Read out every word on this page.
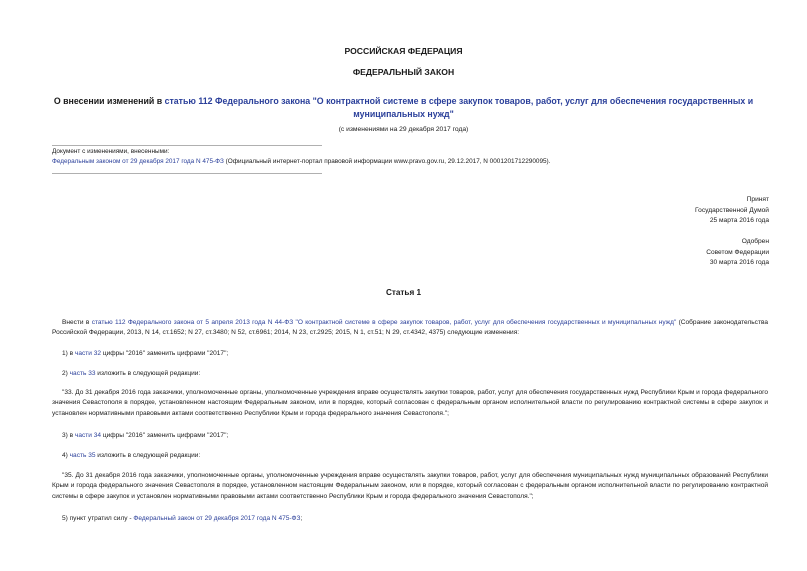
РОССИЙСКАЯ ФЕДЕРАЦИЯ
ФЕДЕРАЛЬНЫЙ ЗАКОН
О внесении изменений в статью 112 Федерального закона "О контрактной системе в сфере закупок товаров, работ, услуг для обеспечения государственных и муниципальных нужд"
(с изменениями на 29 декабря 2017 года)
Документ с изменениями, внесенными:
Федеральным законом от 29 декабря 2017 года N 475-ФЗ (Официальный интернет-портал правовой информации www.pravo.gov.ru, 29.12.2017, N 0001201712290095).
Принят
Государственной Думой
25 марта 2016 года
Одобрен
Советом Федерации
30 марта 2016 года
Статья 1
Внести в статью 112 Федерального закона от 5 апреля 2013 года N 44-ФЗ "О контрактной системе в сфере закупок товаров, работ, услуг для обеспечения государственных и муниципальных нужд" (Собрание законодательства Российской Федерации, 2013, N 14, ст.1652; N 27, ст.3480; N 52, ст.6961; 2014, N 23, ст.2925; 2015, N 1, ст.51; N 29, ст.4342, 4375) следующие изменения:
1) в части 32 цифры "2016" заменить цифрами "2017";
2) часть 33 изложить в следующей редакции:
"33. До 31 декабря 2016 года заказчики, уполномоченные органы, уполномоченные учреждения вправе осуществлять закупки товаров, работ, услуг для обеспечения государственных нужд Республики Крым и города федерального значения Севастополя в порядке, установленном настоящим Федеральным законом, или в порядке, который согласован с федеральным органом исполнительной власти по регулированию контрактной системы в сфере закупок и установлен нормативными правовыми актами соответственно Республики Крым и города федерального значения Севастополя.";
3) в части 34 цифры "2016" заменить цифрами "2017";
4) часть 35 изложить в следующей редакции:
"35. До 31 декабря 2016 года заказчики, уполномоченные органы, уполномоченные учреждения вправе осуществлять закупки товаров, работ, услуг для обеспечения муниципальных нужд муниципальных образований Республики Крым и города федерального значения Севастополя в порядке, установленном настоящим Федеральным законом, или в порядке, который согласован с федеральным органом исполнительной власти по регулированию контрактной системы в сфере закупок и установлен нормативными правовыми актами соответственно Республики Крым и города федерального значения Севастополя.";
5) пункт утратил силу - Федеральный закон от 29 декабря 2017 года N 475-ФЗ;
